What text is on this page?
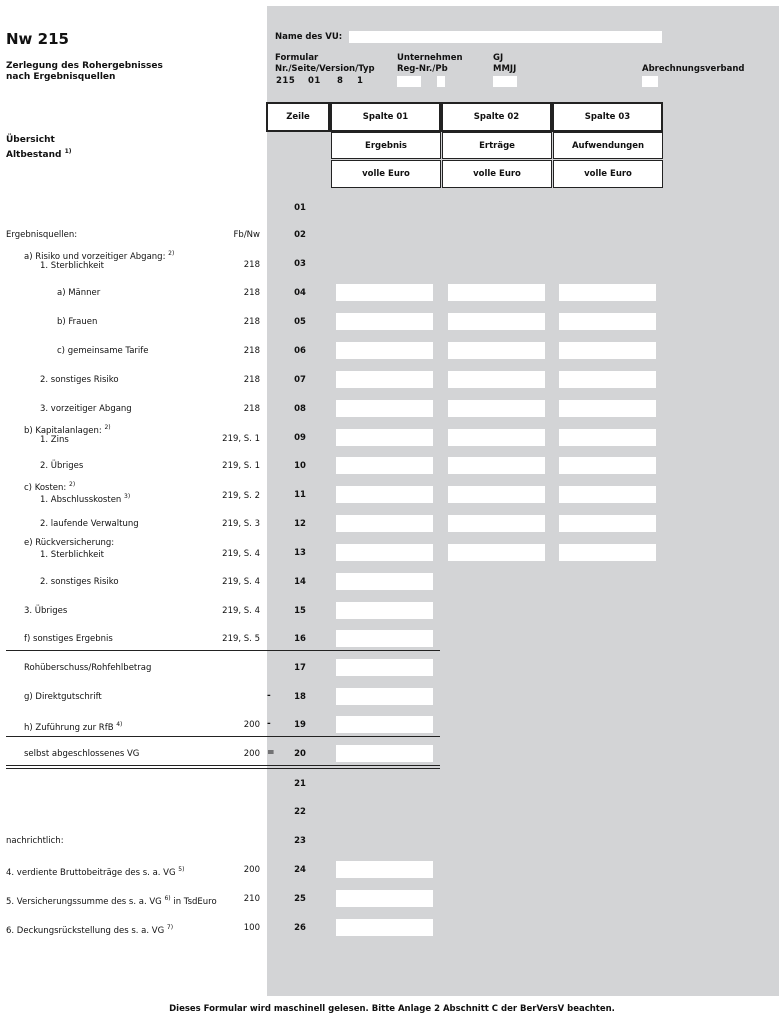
Nw 215
Zerlegung des Rohergebnisses
nach Ergebnisquellen
Übersicht
Altbestand $^{1)}$
Name des VU:
Formular
Nr./Seite/Version/Typ
Unternehmen
Reg-Nr./Pb
GJ
MMJJ	Abrechnungsverband
215 01 8 1
Zeile	Spalte 01	Spalte 02	Spalte 03
Ergebnis	Erträge	Aufwendungen
volle Euro	volle Euro	volle Euro
01
Ergebnisquellen:	Fb/Nw	02
a) Risiko und vorzeitiger Abgang: $^{2)}$
1. Sterblichkeit	218	03
a) Männer	218	04
b) Frauen	218	05
c) gemeinsame Tarife	218	06
2. sonstiges Risiko	218	07
3. vorzeitiger Abgang	218	08
b) Kapitalanlagen: $^{2)}$
1. Zins	219, S. 1	09
2. Übriges	219, S. 1	10
c) Kosten: $^{2)}$
1. Abschlusskosten $^{3)}$	219, S. 2	11
2. laufende Verwaltung	219, S. 3	12
e) Rückversicherung:
1. Sterblichkeit	219, S. 4	13
2. sonstiges Risiko	219, S. 4	14
3. Übriges	219, S. 4	15
f) sonstiges Ergebnis	219, S. 5	16
Rohüberschuss/Rohfehlbetrag	17
g) Direktgutschrift	-	18
h) Zuführung zur RfB $^{4)}$	200 -	19
selbst abgeschlossenes VG	200 =	20
21
22
nachrichtlich:	23
4. verdiente Bruttobeiträge des s. a. VG $^{5)}$	200	24
5. Versicherungssumme des s. a. VG $^{6)}$ in TsdEuro	210	25
6. Deckungsrückstellung des s. a. VG $^{7)}$	100	26
Dieses Formular wird maschinell gelesen. Bitte Anlage 2 Abschnitt C der BerVersV beachten.
